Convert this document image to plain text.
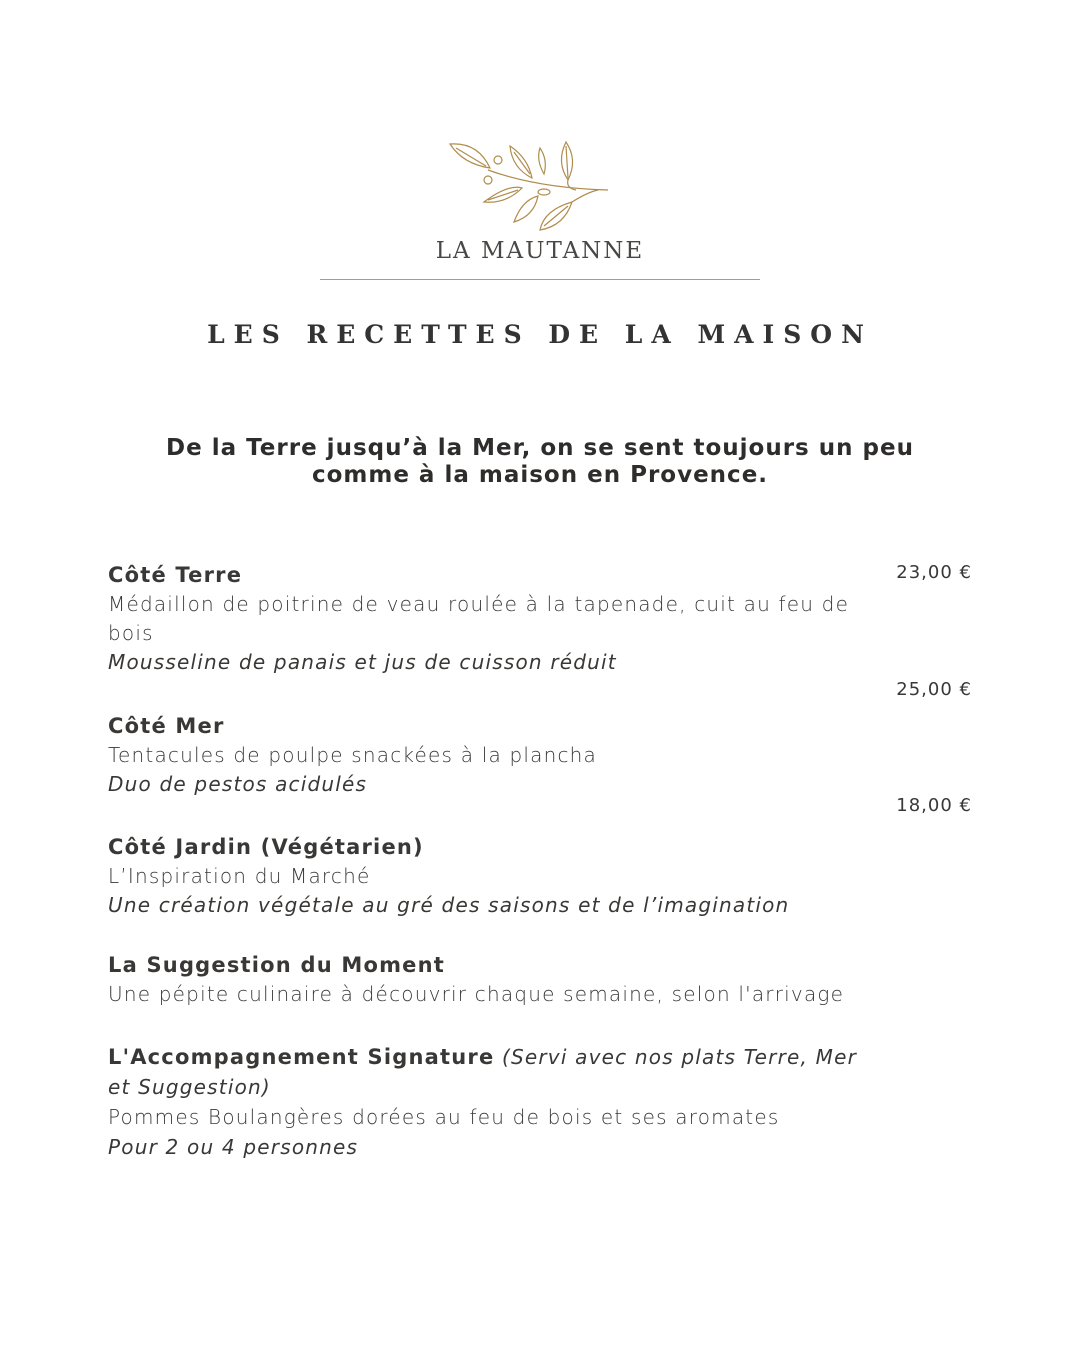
LA MAUTANNE
LES RECETTES DE LA MAISON
De la Terre jusqu’à la Mer, on se sent toujours un peu comme à la maison en Provence.
Côté Terre
Médaillon de poitrine de veau roulée à la tapenade, cuit au feu de bois
Mousseline de panais et jus de cuisson réduit
23,00 €
Côté Mer
Tentacules de poulpe snackées à la plancha
Duo de pestos acidulés
25,00 €
Côté Jardin (Végétarien)
L’Inspiration du Marché
Une création végétale au gré des saisons et de l’imagination
18,00 €
La Suggestion du Moment
Une pépite culinaire à découvrir chaque semaine, selon l'arrivage
L'Accompagnement Signature (Servi avec nos plats Terre, Mer et Suggestion)
Pommes Boulangères dorées au feu de bois et ses aromates
Pour 2 ou 4 personnes
